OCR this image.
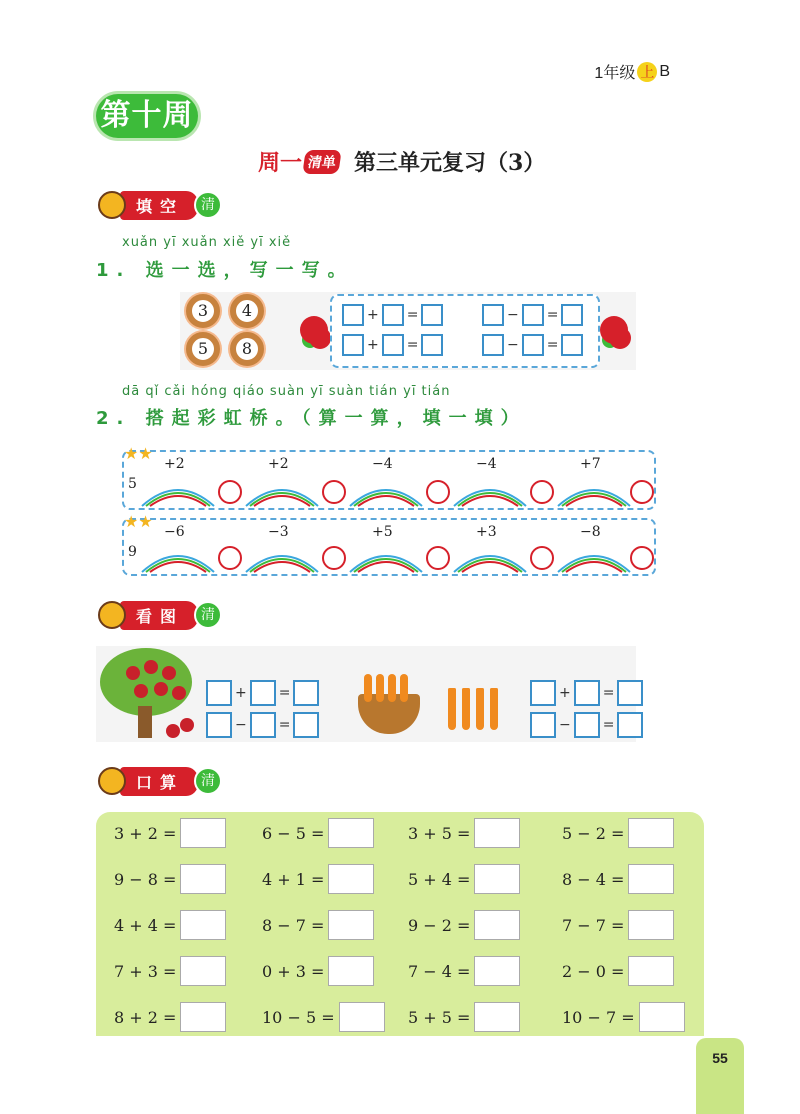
1年级 上 B
第十周
周一 清单 第三单元复习（3）
填空	清
xuǎn yī xuǎn xiě yī xiě
1. 选一选，写一写。
3	4
5	8
+ =
+ =
− =
− =
dā qǐ cǎi hóng qiáo suàn yī suàn tián yī tián
2. 搭起彩虹桥。（算一算，填一填）
★★
5
+2	+2	−4	−4	+7
★★
9
−6	−3	+5	+3	−8
看图	清
+ =
− =
+ =
− =
口算	清
3 + 2 =	6 − 5 =	3 + 5 =	5 − 2 =
9 − 8 =	4 + 1 =	5 + 4 =	8 − 4 =
4 + 4 =	8 − 7 =	9 − 2 =	7 − 7 =
7 + 3 =	0 + 3 =	7 − 4 =	2 − 0 =
8 + 2 =	10 − 5 =	5 + 5 =	10 − 7 =
55
